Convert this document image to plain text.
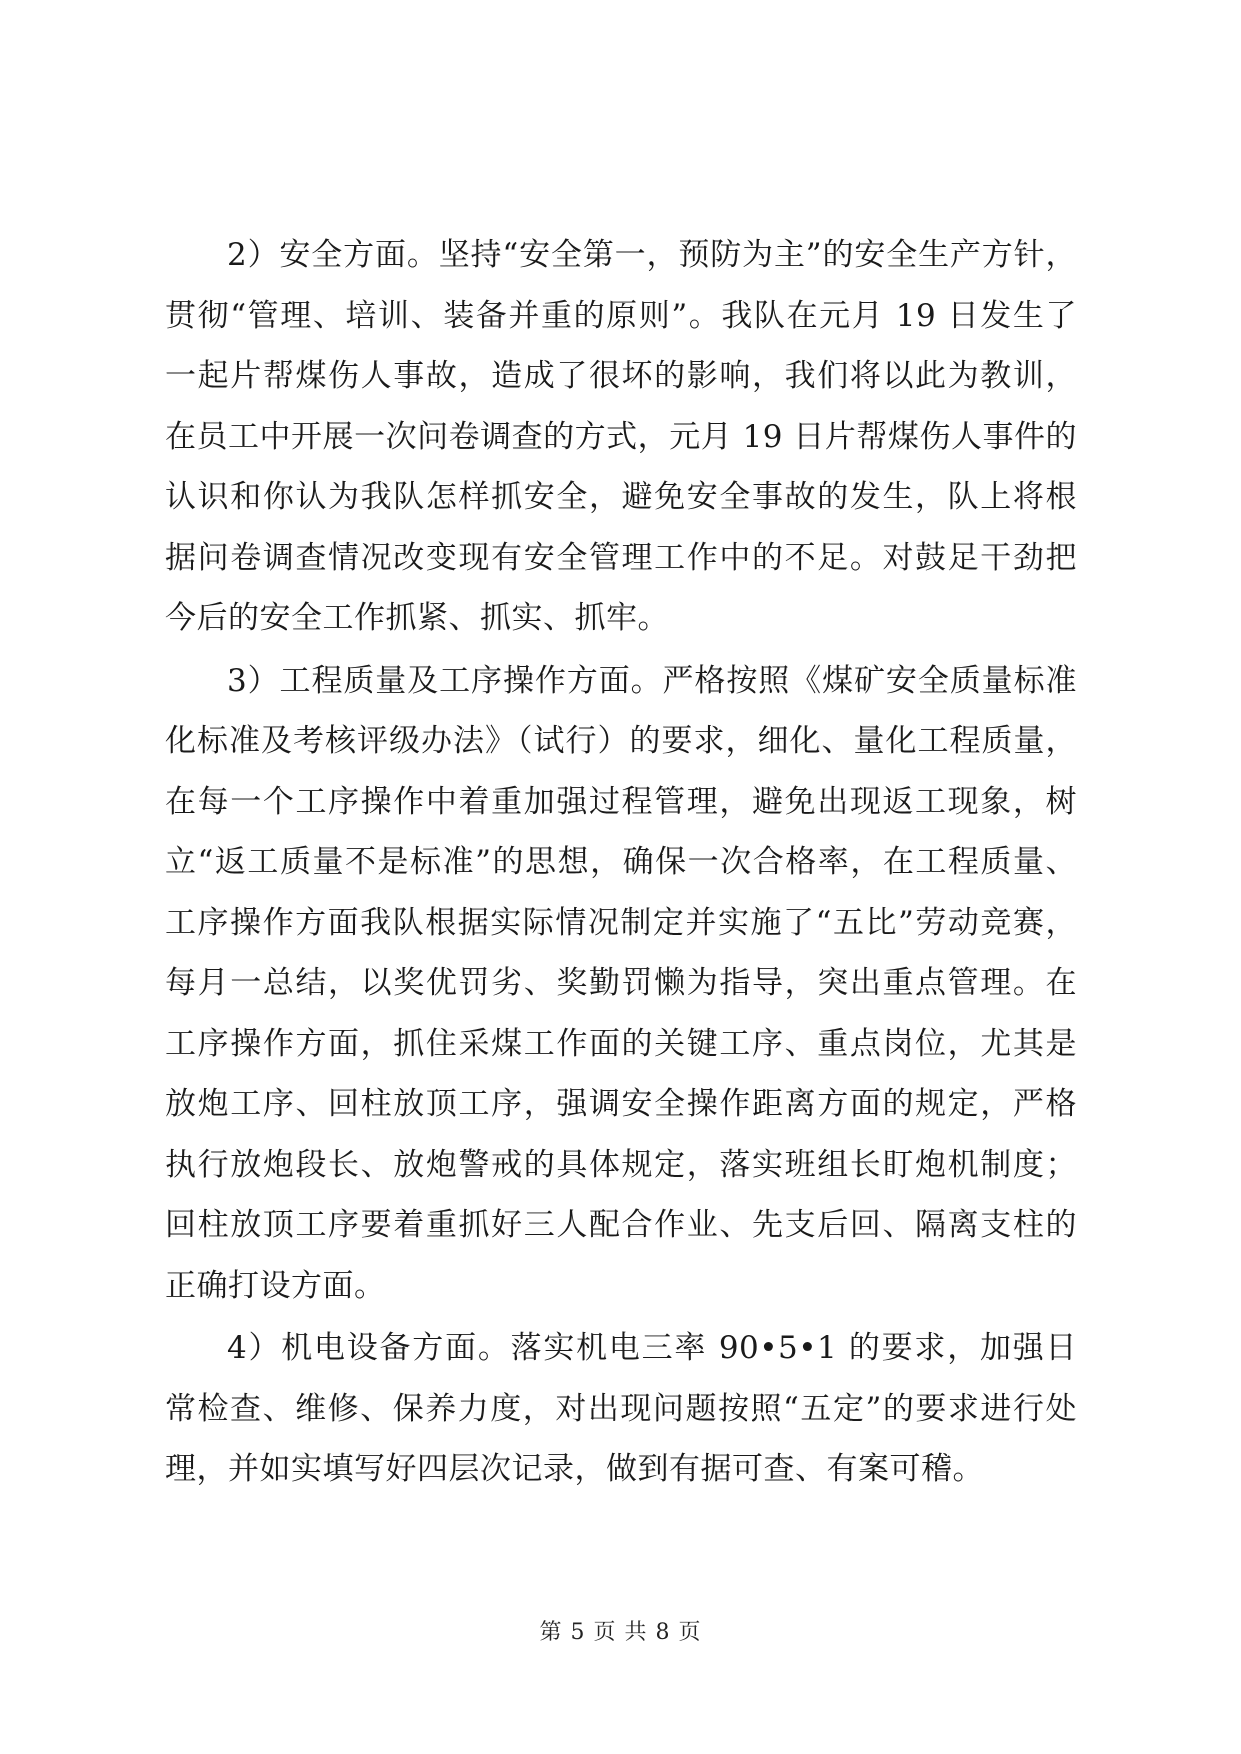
2）安全方面。坚持“安全第一，预防为主”的安全生产方针，贯彻“管理、培训、装备并重的原则”。我队在元月 19 日发生了一起片帮煤伤人事故，造成了很坏的影响，我们将以此为教训，在员工中开展一次问卷调查的方式，元月 19 日片帮煤伤人事件的认识和你认为我队怎样抓安全，避免安全事故的发生，队上将根据问卷调查情况改变现有安全管理工作中的不足。对鼓足干劲把今后的安全工作抓紧、抓实、抓牢。

3）工程质量及工序操作方面。严格按照《煤矿安全质量标准化标准及考核评级办法》（试行）的要求，细化、量化工程质量，在每一个工序操作中着重加强过程管理，避免出现返工现象，树立“返工质量不是标准”的思想，确保一次合格率，在工程质量、工序操作方面我队根据实际情况制定并实施了“五比”劳动竞赛，每月一总结，以奖优罚劣、奖勤罚懒为指导，突出重点管理。在工序操作方面，抓住采煤工作面的关键工序、重点岗位，尤其是放炮工序、回柱放顶工序，强调安全操作距离方面的规定，严格执行放炮段长、放炮警戒的具体规定，落实班组长盯炮机制度；回柱放顶工序要着重抓好三人配合作业、先支后回、隔离支柱的正确打设方面。

4）机电设备方面。落实机电三率 90•5•1 的要求，加强日常检查、维修、保养力度，对出现问题按照“五定”的要求进行处理，并如实填写好四层次记录，做到有据可查、有案可稽。

第 5 页 共 8 页
